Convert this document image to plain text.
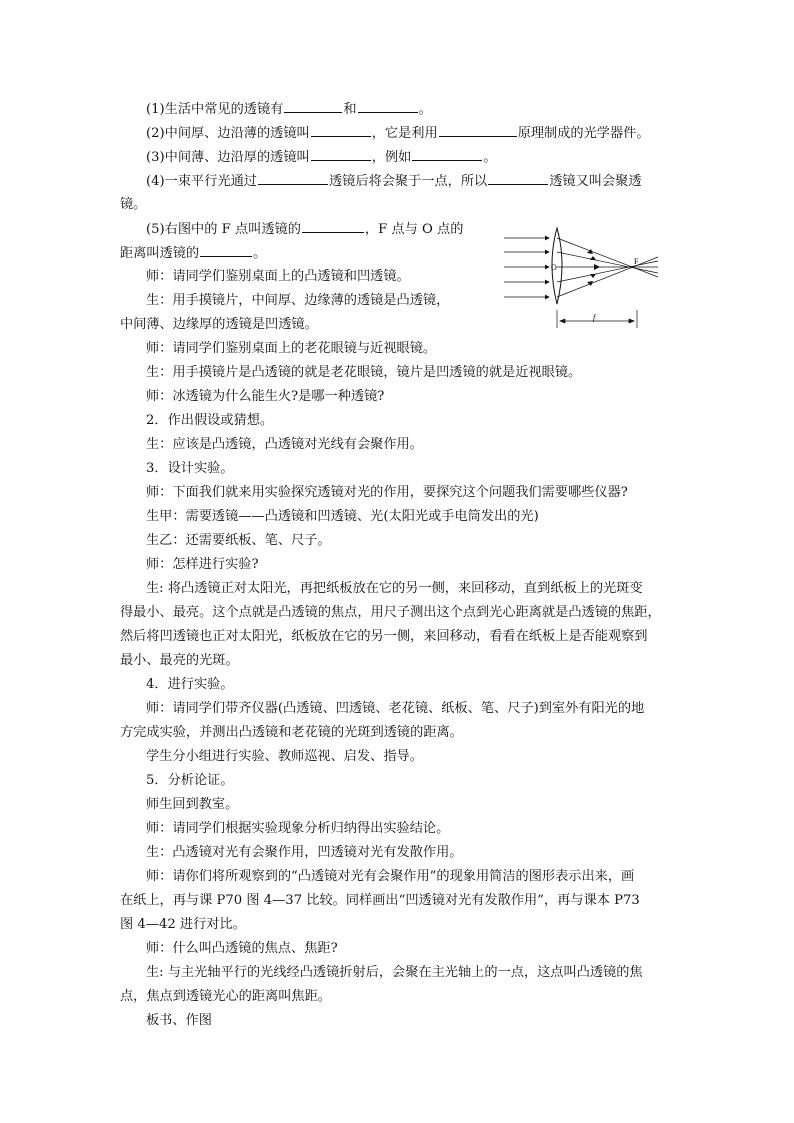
(1)生活中常见的透镜有	和	。
(2)中间厚、边沿薄的透镜叫	，它是利用	原理制成的光学器件。
(3)中间薄、边沿厚的透镜叫	，例如	。
(4)一束平行光通过	透镜后将会聚于一点，所以	透镜又叫会聚透
镜。
(5)右图中的 F 点叫透镜的	，F 点与 O 点的
距离叫透镜的	。
O
F
f
师：请同学们鉴别桌面上的凸透镜和凹透镜。
生：用手摸镜片，中间厚、边缘薄的透镜是凸透镜，
中间薄、边缘厚的透镜是凹透镜。
师：请同学们鉴别桌面上的老花眼镜与近视眼镜。
生：用手摸镜片是凸透镜的就是老花眼镜，镜片是凹透镜的就是近视眼镜。
师：冰透镜为什么能生火?是哪一种透镜?
2．作出假设或猜想。
生：应该是凸透镜，凸透镜对光线有会聚作用。
3．设计实验。
师：下面我们就来用实验探究透镜对光的作用，要探究这个问题我们需要哪些仪器?
生甲：需要透镜——凸透镜和凹透镜、光(太阳光或手电筒发出的光)
生乙：还需要纸板、笔、尺子。
师：怎样进行实验?
生: 将凸透镜正对太阳光，再把纸板放在它的另一侧，来回移动，直到纸板上的光斑变
得最小、最亮。这个点就是凸透镜的焦点，用尺子测出这个点到光心距离就是凸透镜的焦距，
然后将凹透镜也正对太阳光，纸板放在它的另一侧，来回移动，看看在纸板上是否能观察到
最小、最亮的光斑。
4．进行实验。
师：请同学们带齐仪器(凸透镜、凹透镜、老花镜、纸板、笔、尺子)到室外有阳光的地
方完成实验，并测出凸透镜和老花镜的光斑到透镜的距离。
学生分小组进行实验、教师巡视、启发、指导。
5．分析论证。
师生回到教室。
师：请同学们根据实验现象分析归纳得出实验结论。
生：凸透镜对光有会聚作用，凹透镜对光有发散作用。
师：请你们将所观察到的“凸透镜对光有会聚作用”的现象用简洁的图形表示出来，画
在纸上，再与课 P70 图 4—37 比较。同样画出“凹透镜对光有发散作用”，再与课本 P73
图 4—42 进行对比。
师：什么叫凸透镜的焦点、焦距?
生: 与主光轴平行的光线经凸透镜折射后，会聚在主光轴上的一点，这点叫凸透镜的焦
点，焦点到透镜光心的距离叫焦距。
板书、作图
